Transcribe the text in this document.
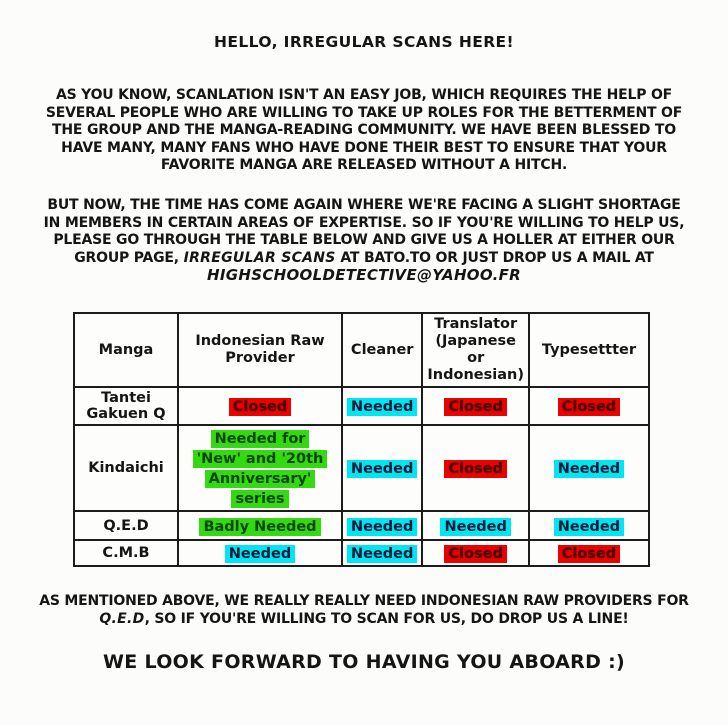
HELLO, IRREGULAR SCANS HERE!
AS YOU KNOW, SCANLATION ISN'T AN EASY JOB, WHICH REQUIRES THE HELP OF
SEVERAL PEOPLE WHO ARE WILLING TO TAKE UP ROLES FOR THE BETTERMENT OF
THE GROUP AND THE MANGA-READING COMMUNITY. WE HAVE BEEN BLESSED TO
HAVE MANY, MANY FANS WHO HAVE DONE THEIR BEST TO ENSURE THAT YOUR
FAVORITE MANGA ARE RELEASED WITHOUT A HITCH.
BUT NOW, THE TIME HAS COME AGAIN WHERE WE'RE FACING A SLIGHT SHORTAGE
IN MEMBERS IN CERTAIN AREAS OF EXPERTISE. SO IF YOU'RE WILLING TO HELP US,
PLEASE GO THROUGH THE TABLE BELOW AND GIVE US A HOLLER AT EITHER OUR
GROUP PAGE, IRREGULAR SCANS AT BATO.TO OR JUST DROP US A MAIL AT
HIGHSCHOOLDETECTIVE@YAHOO.FR
Manga	Indonesian Raw Provider	Cleaner	Translator (Japanese or Indonesian)	Typesettter

Tantei Gakuen Q	Closed	Needed	Closed	Closed

Kindaichi	Needed for 'New' and '20th Anniversary' series	Needed	Closed	Needed

Q.E.D	Badly Needed	Needed	Needed	Needed

C.M.B	Needed	Needed	Closed	Closed
AS MENTIONED ABOVE, WE REALLY REALLY NEED INDONESIAN RAW PROVIDERS FOR
Q.E.D, SO IF YOU'RE WILLING TO SCAN FOR US, DO DROP US A LINE!
WE LOOK FORWARD TO HAVING YOU ABOARD :)
